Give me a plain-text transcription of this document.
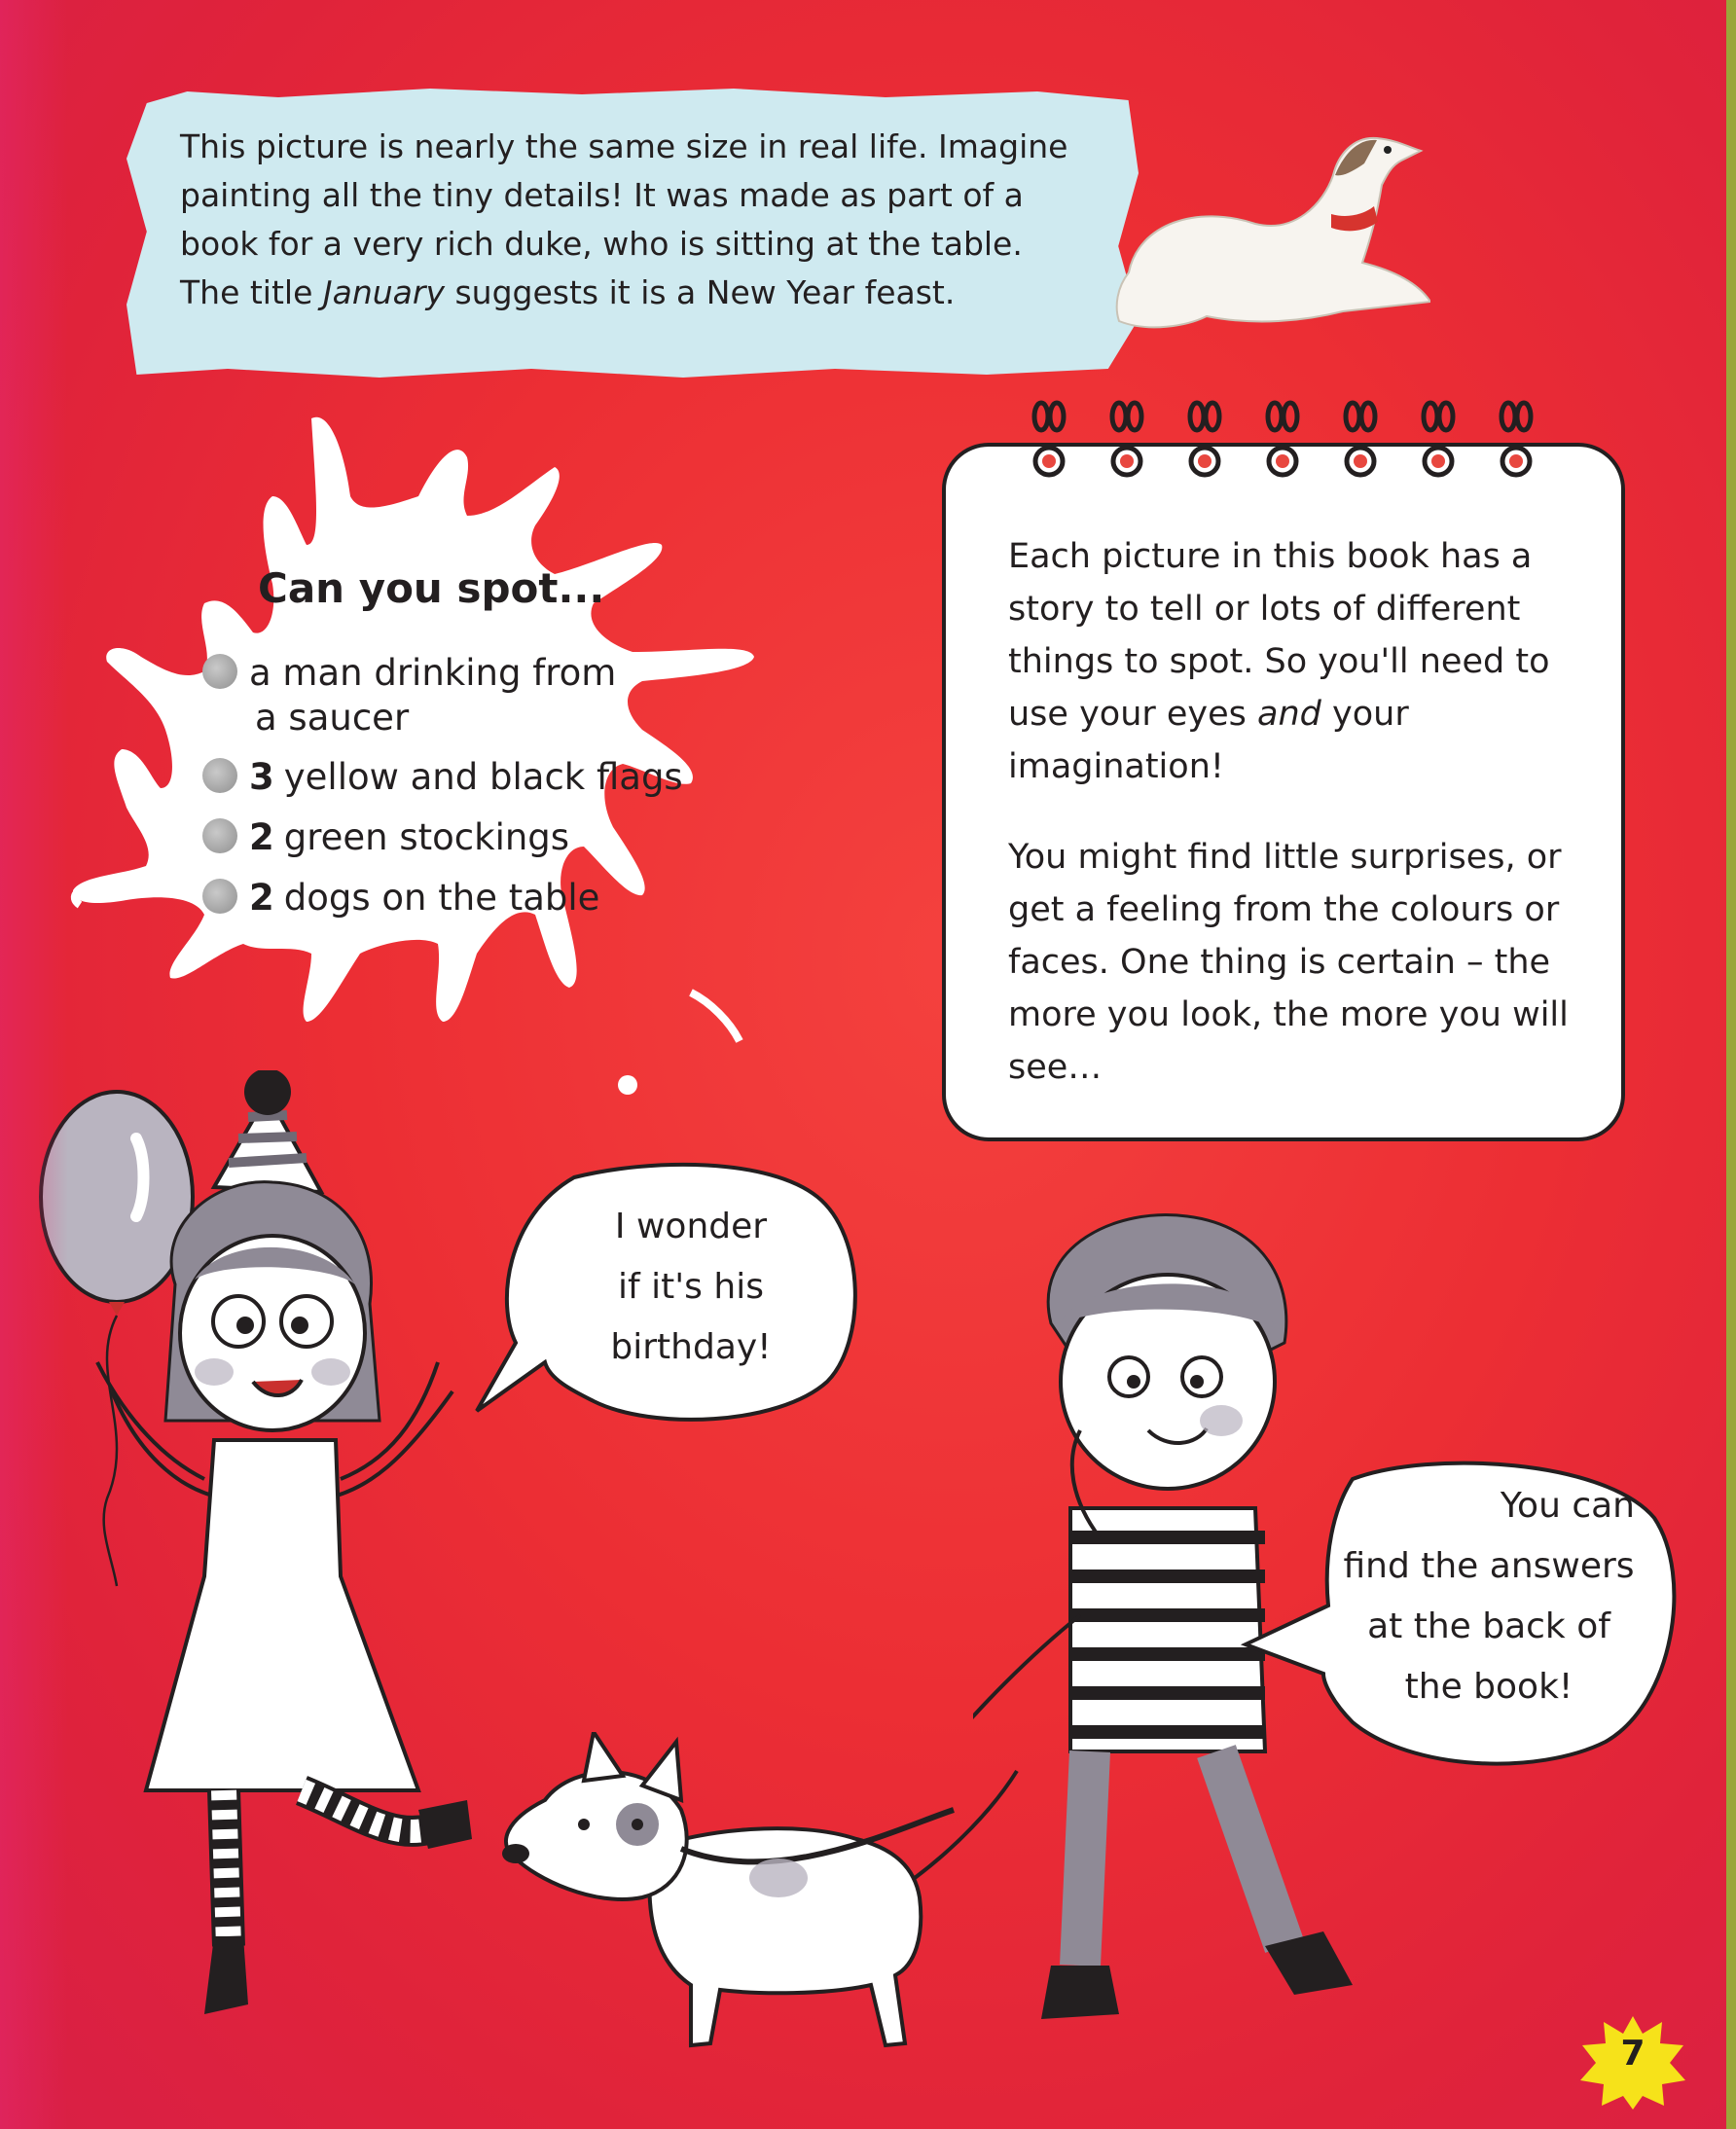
This picture is nearly the same size in real life. Imagine painting all the tiny details! It was made as part of a book for a very rich duke, who is sitting at the table. The title January suggests it is a New Year feast.

Can you spot...
a man drinking from
a saucer
3 yellow and black flags
2 green stockings
2 dogs on the table

Each picture in this book has a story to tell or lots of different things to spot. So you'll need to use your eyes and your imagination!

You might find little surprises, or get a feeling from the colours or faces. One thing is certain – the more you look, the more you will see…

I wonder

if it's his

birthday!

You can

find the answers

at the back of

the book!

7
